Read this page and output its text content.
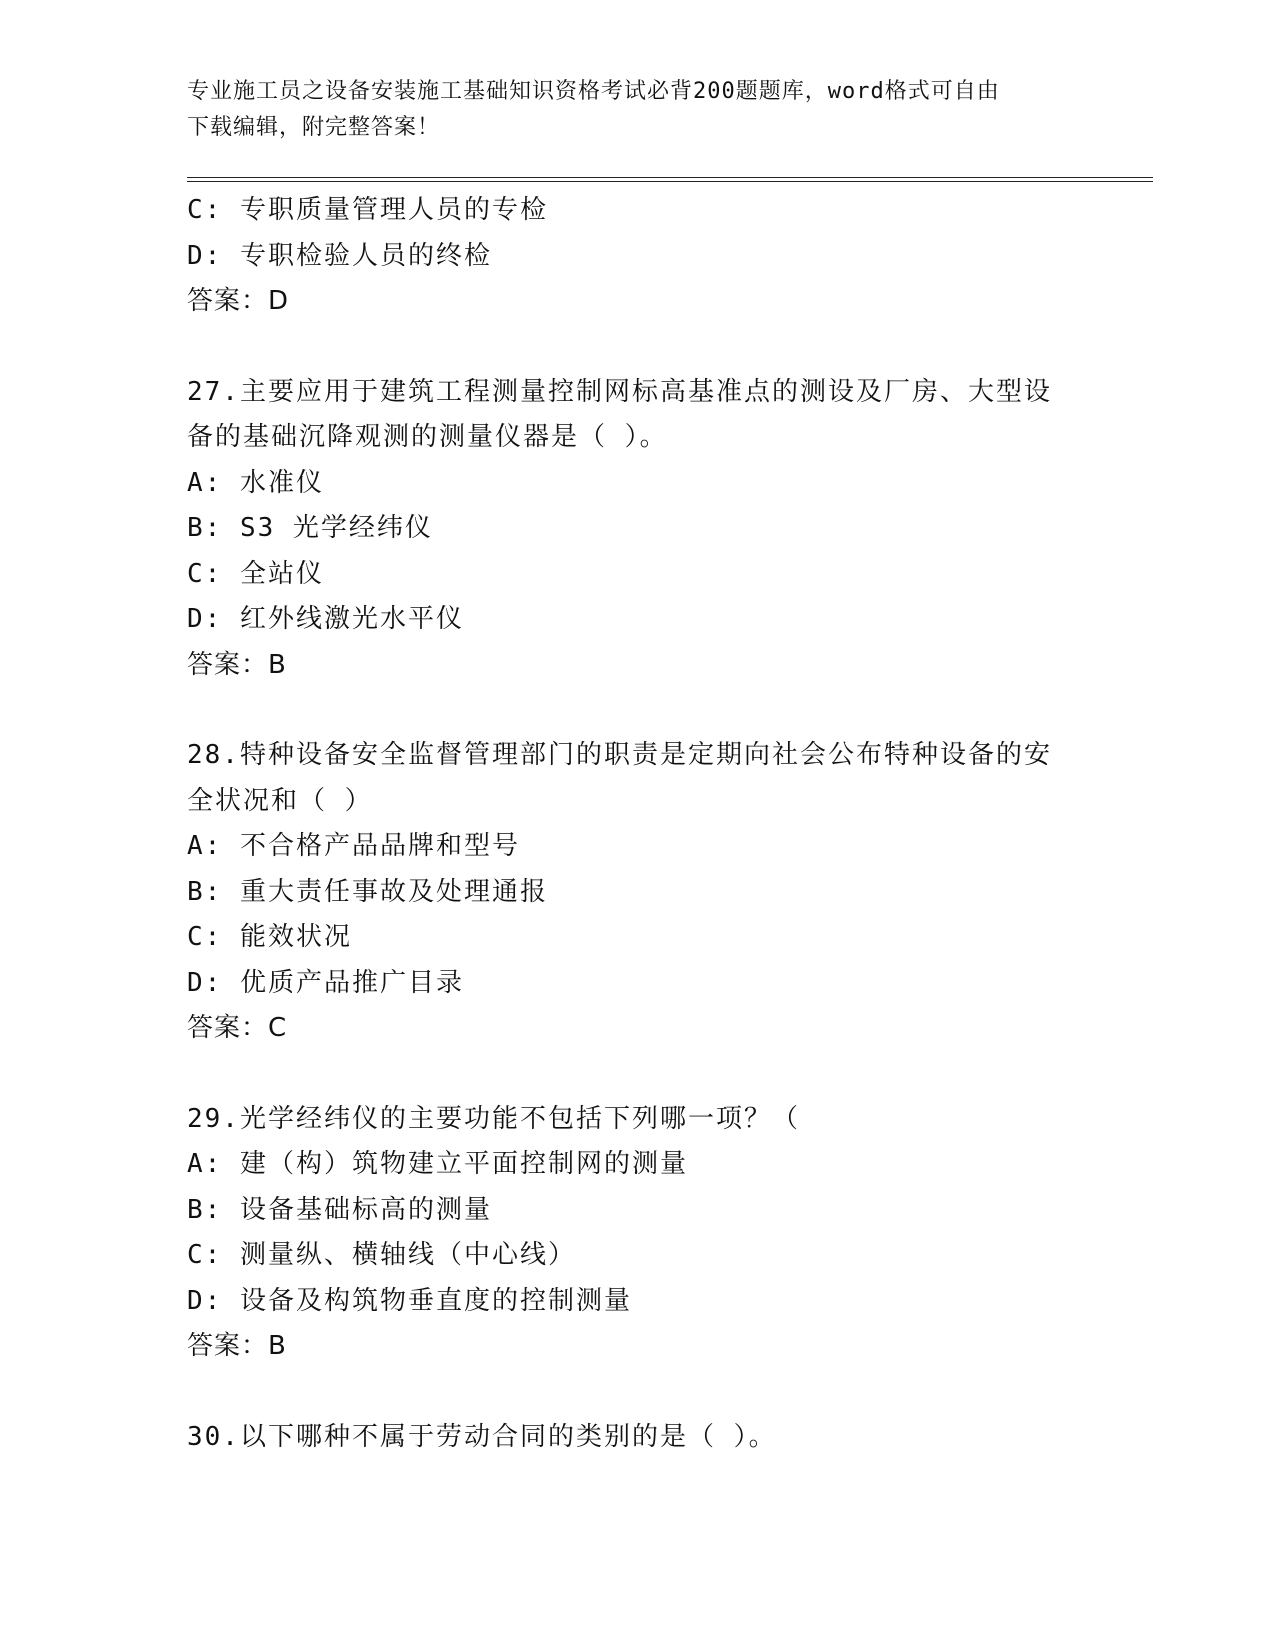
专业施工员之设备安装施工基础知识资格考试必背200题题库，word格式可自由
下载编辑，附完整答案！
C: 专职质量管理人员的专检
D: 专职检验人员的终检
答案：D
27.主要应用于建筑工程测量控制网标高基准点的测设及厂房、大型设
备的基础沉降观测的测量仪器是（ ）。
A: 水准仪
B: S3 光学经纬仪
C: 全站仪
D: 红外线激光水平仪
答案：B
28.特种设备安全监督管理部门的职责是定期向社会公布特种设备的安
全状况和（ ）
A: 不合格产品品牌和型号
B: 重大责任事故及处理通报
C: 能效状况
D: 优质产品推广目录
答案：C
29.光学经纬仪的主要功能不包括下列哪一项？（
A: 建（构）筑物建立平面控制网的测量
B: 设备基础标高的测量
C: 测量纵、横轴线（中心线）
D: 设备及构筑物垂直度的控制测量
答案：B
30.以下哪种不属于劳动合同的类别的是（ ）。
